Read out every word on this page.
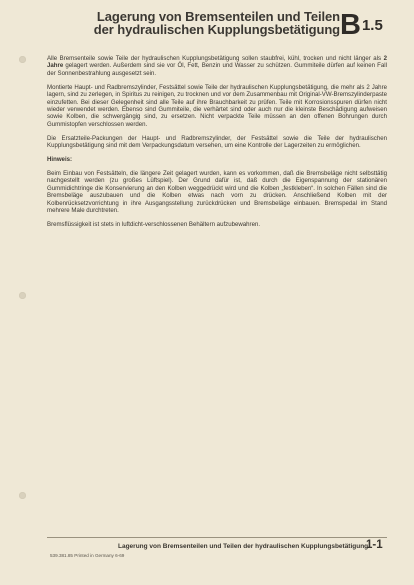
Lagerung von Bremsenteilen und Teilen
der hydraulischen Kupplungsbetätigung B1.5

Alle Bremsenteile sowie Teile der hydraulischen Kupplungsbetätigung sollen staubfrei, kühl, trocken und nicht länger als 2 Jahre gelagert werden. Außerdem sind sie vor Öl, Fett, Benzin und Wasser zu schützen. Gummiteile dürfen auf keinen Fall der Sonnenbestrahlung ausgesetzt sein.

Montierte Haupt- und Radbremszylinder, Festsättel sowie Teile der hydraulischen Kupplungsbetätigung, die mehr als 2 Jahre lagern, sind zu zerlegen, in Spiritus zu reinigen, zu trocknen und vor dem Zusammenbau mit Original-VW-Bremszylinderpaste einzufetten. Bei dieser Gelegenheit sind alle Teile auf ihre Brauchbarkeit zu prüfen. Teile mit Korrosionsspuren dürfen nicht wieder verwendet werden. Ebenso sind Gummiteile, die verhärtet sind oder auch nur die kleinste Beschädigung aufweisen sowie Kolben, die schwergängig sind, zu ersetzen. Nicht verpackte Teile müssen an den offenen Bohrungen durch Gummistopfen verschlossen werden.

Die Ersatzteile-Packungen der Haupt- und Radbremszylinder, der Festsättel sowie die Teile der hydraulischen Kupplungsbetätigung sind mit dem Verpackungsdatum versehen, um eine Kontrolle der Lagerzeiten zu ermöglichen.

Hinweis:

Beim Einbau von Festsätteln, die längere Zeit gelagert wurden, kann es vorkommen, daß die Bremsbeläge nicht selbsttätig nachgestellt werden (zu großes Lüftspiel). Der Grund dafür ist, daß durch die Eigenspannung der stationären Gummidichtringe die Konservierung an den Kolben weggedrückt wird und die Kolben „festkleben“. In solchen Fällen sind die Bremsbeläge auszubauen und die Kolben etwas nach vorn zu drücken. Anschließend Kolben mit der Kolbenrücksetzvorrichtung in ihre Ausgangsstellung zurückdrücken und Bremsbeläge einbauen. Bremspedal im Stand mehrere Male durchtreten.

Bremsflüssigkeit ist stets in luftdicht-verschlossenen Behältern aufzubewahren.

Lagerung von Bremsenteilen und Teilen der hydraulischen Kupplungsbetätigung
1-1
539.381.85 Printed in Germany 6-69
